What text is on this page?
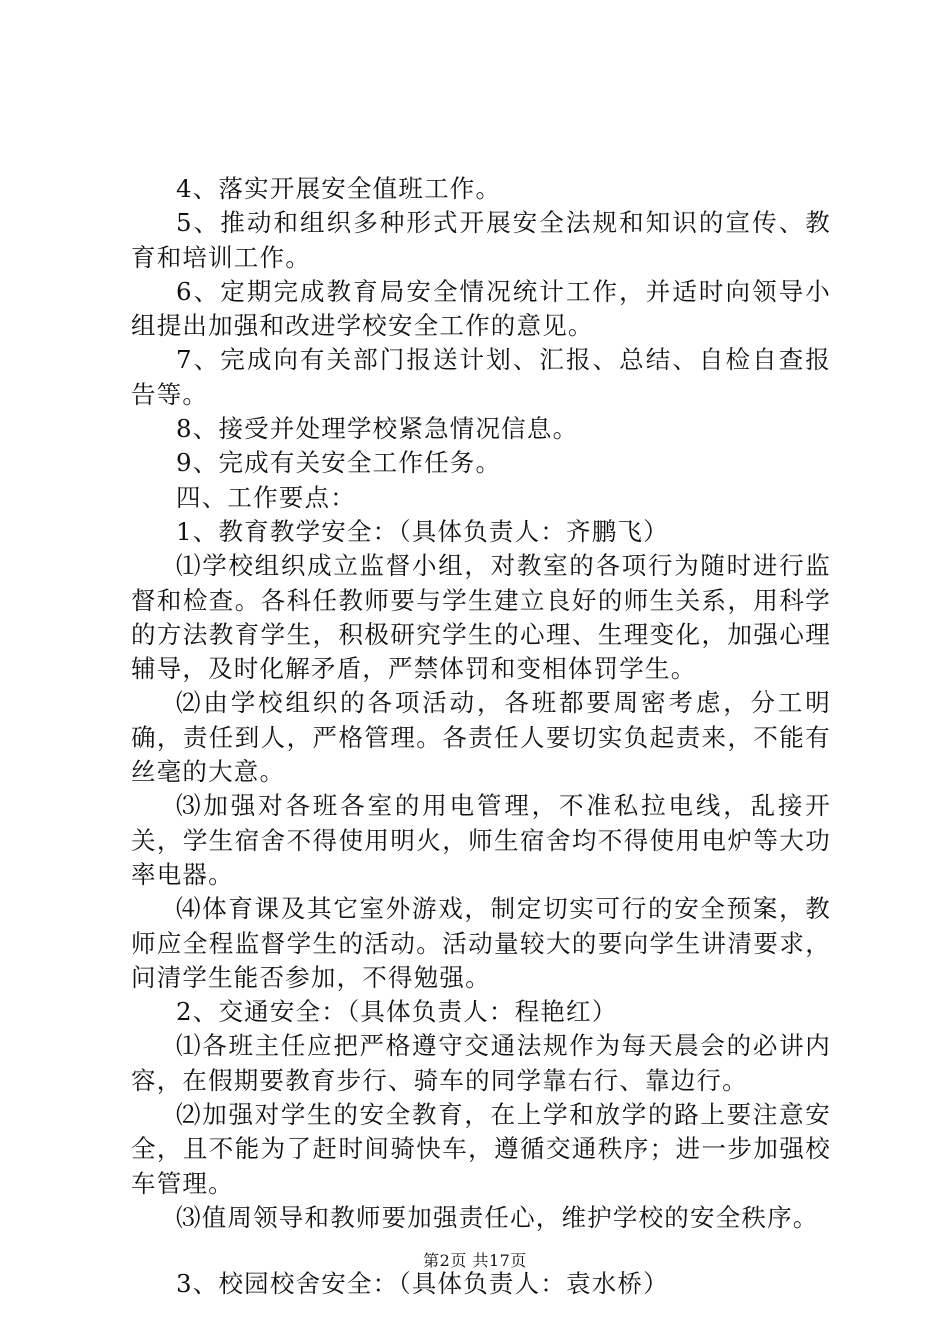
4、落实开展安全值班工作。

5、推动和组织多种形式开展安全法规和知识的宣传、教育和培训工作。

6、定期完成教育局安全情况统计工作，并适时向领导小组提出加强和改进学校安全工作的意见。

7、完成向有关部门报送计划、汇报、总结、自检自查报告等。

8、接受并处理学校紧急情况信息。

9、完成有关安全工作任务。

四、工作要点：

1、教育教学安全：（具体负责人：齐鹏飞）

⑴学校组织成立监督小组，对教室的各项行为随时进行监督和检查。各科任教师要与学生建立良好的师生关系，用科学的方法教育学生，积极研究学生的心理、生理变化，加强心理辅导，及时化解矛盾，严禁体罚和变相体罚学生。

⑵由学校组织的各项活动，各班都要周密考虑，分工明确，责任到人，严格管理。各责任人要切实负起责来，不能有丝毫的大意。

⑶加强对各班各室的用电管理，不准私拉电线，乱接开关，学生宿舍不得使用明火，师生宿舍均不得使用电炉等大功率电器。

⑷体育课及其它室外游戏，制定切实可行的安全预案，教师应全程监督学生的活动。活动量较大的要向学生讲清要求，问清学生能否参加，不得勉强。

2、交通安全：（具体负责人：程艳红）

⑴各班主任应把严格遵守交通法规作为每天晨会的必讲内容，在假期要教育步行、骑车的同学靠右行、靠边行。

⑵加强对学生的安全教育，在上学和放学的路上要注意安全，且不能为了赶时间骑快车，遵循交通秩序；进一步加强校车管理。

⑶值周领导和教师要加强责任心，维护学校的安全秩序。

3、校园校舍安全：（具体负责人：袁水桥）

第2页 共17页
